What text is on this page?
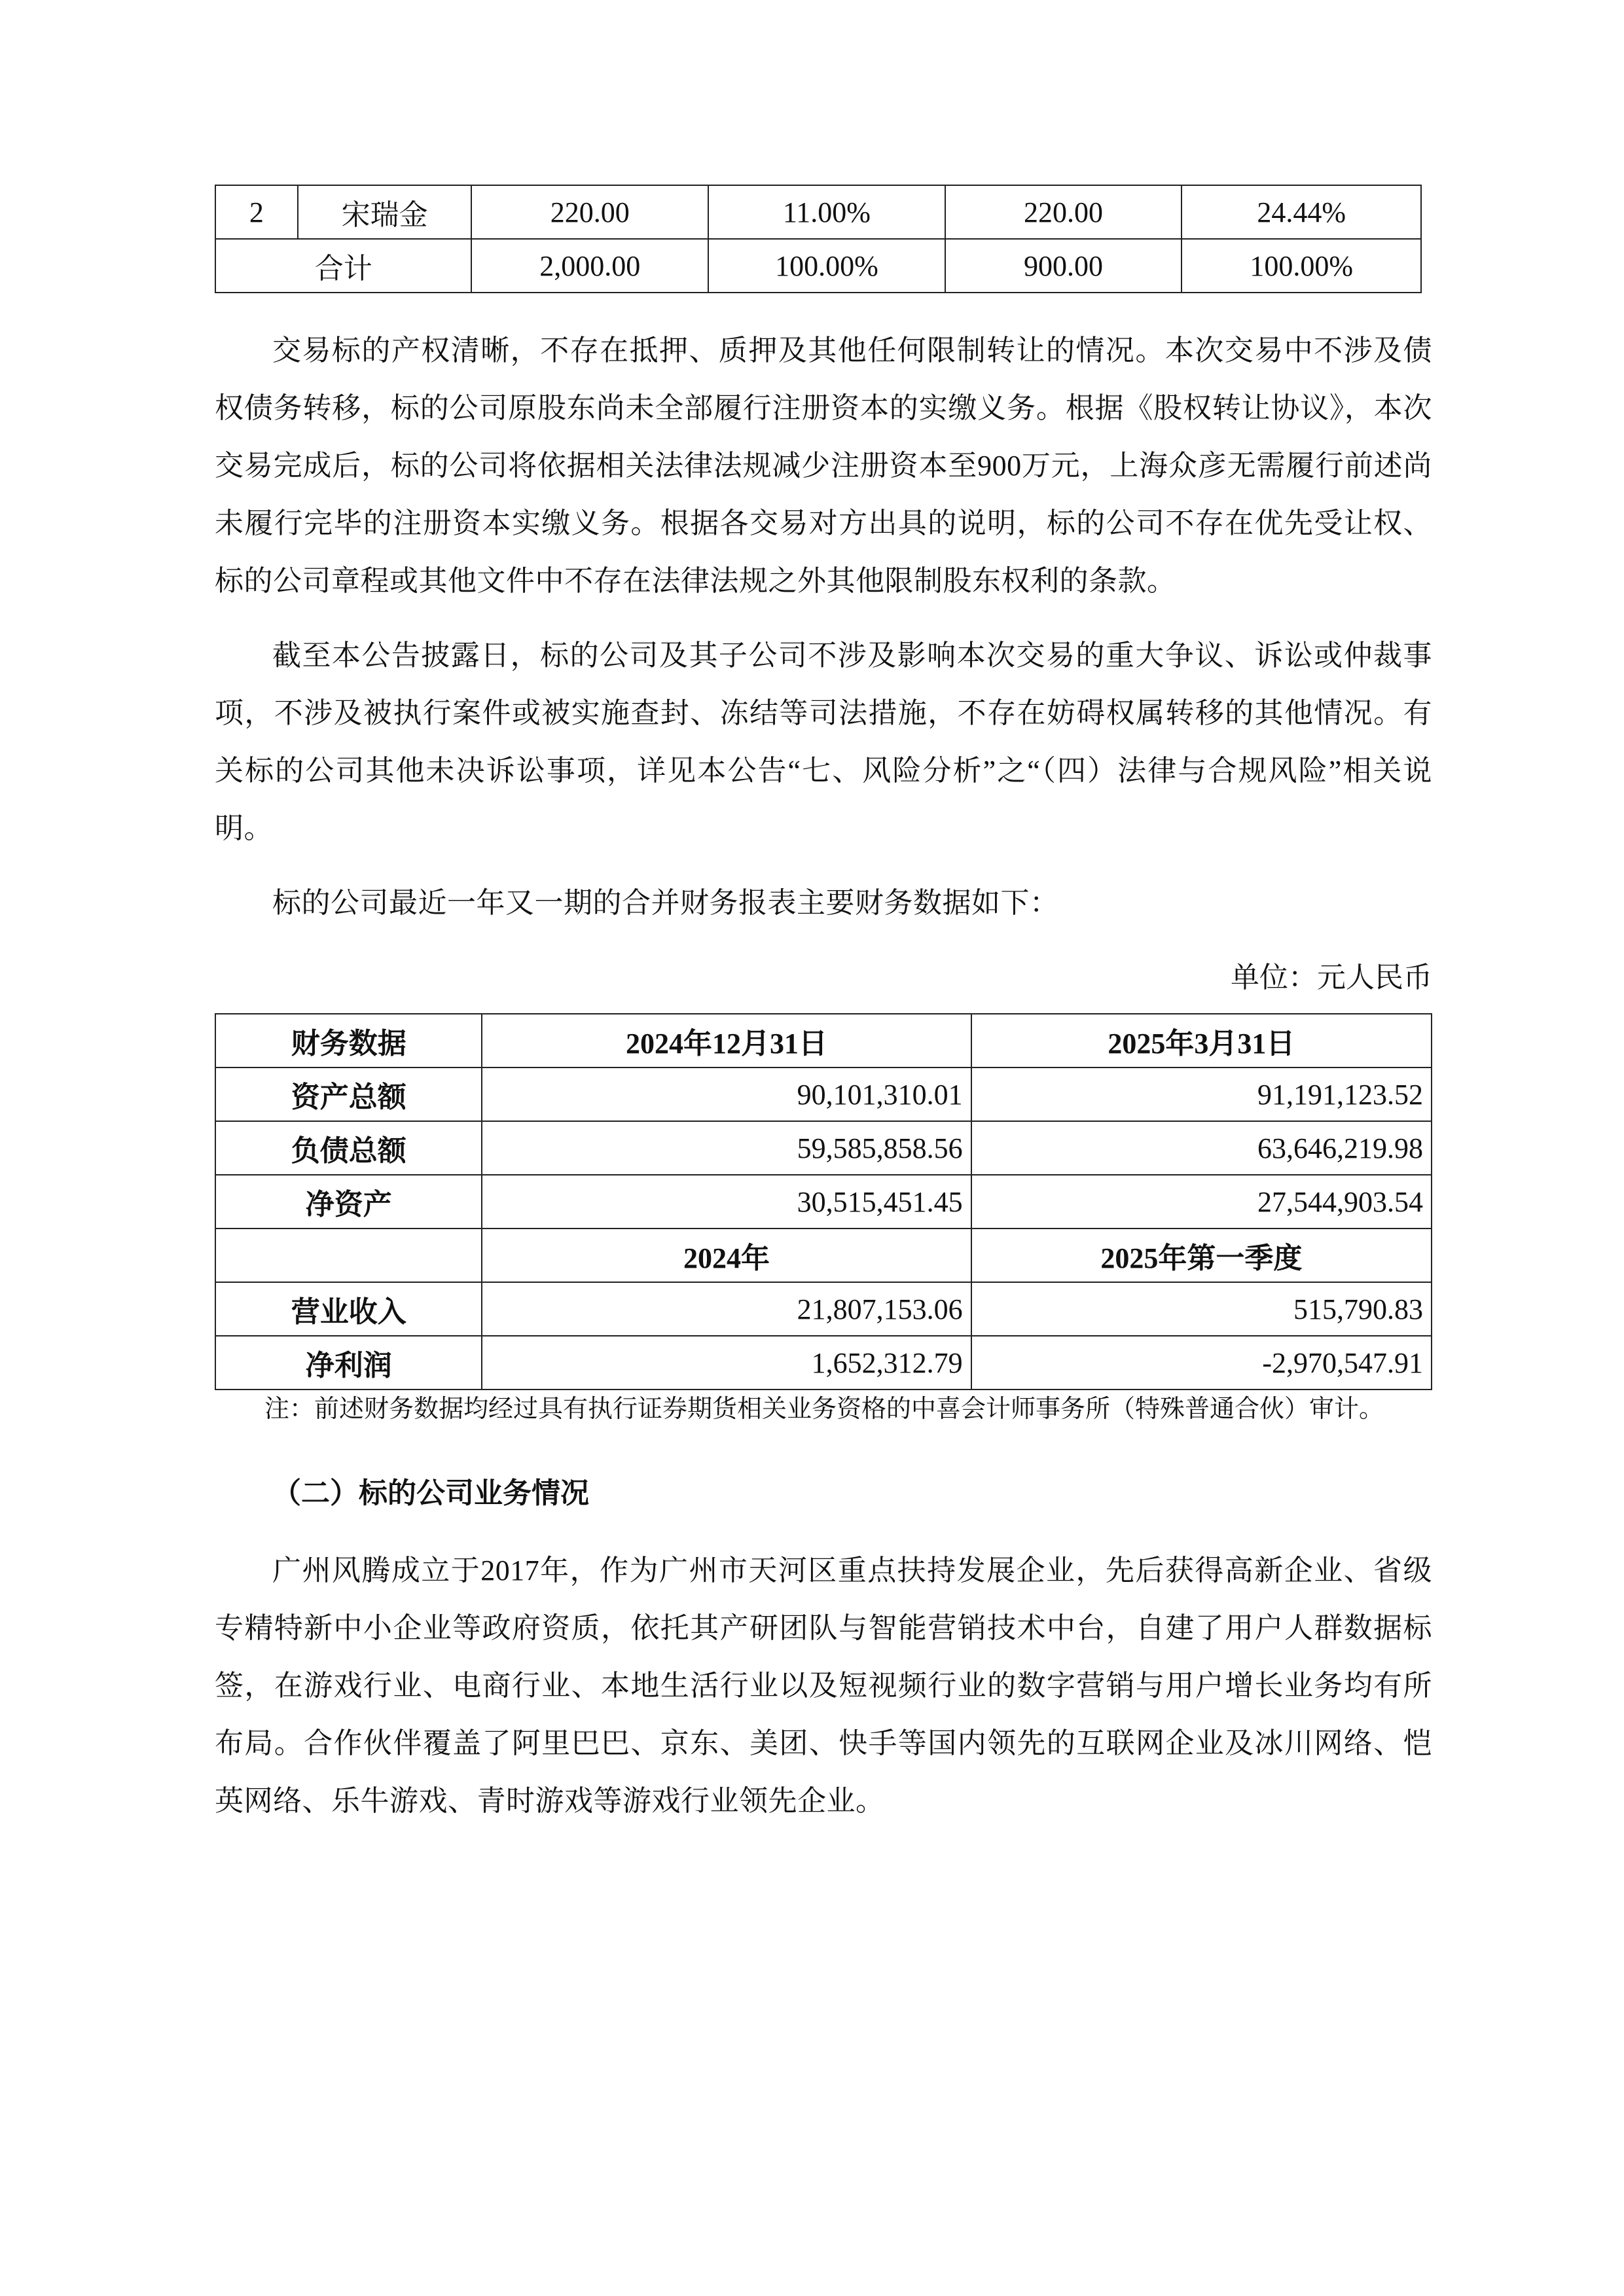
2	宋瑞金	220.00	11.00%	220.00	24.44%
合计		2,000.00	100.00%	900.00	100.00%

交易标的产权清晰，不存在抵押、质押及其他任何限制转让的情况。本次交易中不涉及债权债务转移，标的公司原股东尚未全部履行注册资本的实缴义务。根据《股权转让协议》，本次交易完成后，标的公司将依据相关法律法规减少注册资本至900万元，上海众彦无需履行前述尚未履行完毕的注册资本实缴义务。根据各交易对方出具的说明，标的公司不存在优先受让权、标的公司章程或其他文件中不存在法律法规之外其他限制股东权利的条款。

截至本公告披露日，标的公司及其子公司不涉及影响本次交易的重大争议、诉讼或仲裁事项，不涉及被执行案件或被实施查封、冻结等司法措施，不存在妨碍权属转移的其他情况。有关标的公司其他未决诉讼事项，详见本公告“七、风险分析”之“（四）法律与合规风险”相关说明。

标的公司最近一年又一期的合并财务报表主要财务数据如下：

单位：元人民币
财务数据	2024年12月31日	2025年3月31日
资产总额	90,101,310.01	91,191,123.52
负债总额	59,585,858.56	63,646,219.98
净资产	30,515,451.45	27,544,903.54
	2024年	2025年第一季度
营业收入	21,807,153.06	515,790.83
净利润	1,652,312.79	-2,970,547.91

注：前述财务数据均经过具有执行证券期货相关业务资格的中喜会计师事务所（特殊普通合伙）审计。

（二）标的公司业务情况

广州风腾成立于2017年，作为广州市天河区重点扶持发展企业，先后获得高新企业、省级专精特新中小企业等政府资质，依托其产研团队与智能营销技术中台，自建了用户人群数据标签，在游戏行业、电商行业、本地生活行业以及短视频行业的数字营销与用户增长业务均有所布局。合作伙伴覆盖了阿里巴巴、京东、美团、快手等国内领先的互联网企业及冰川网络、恺英网络、乐牛游戏、青时游戏等游戏行业领先企业。
